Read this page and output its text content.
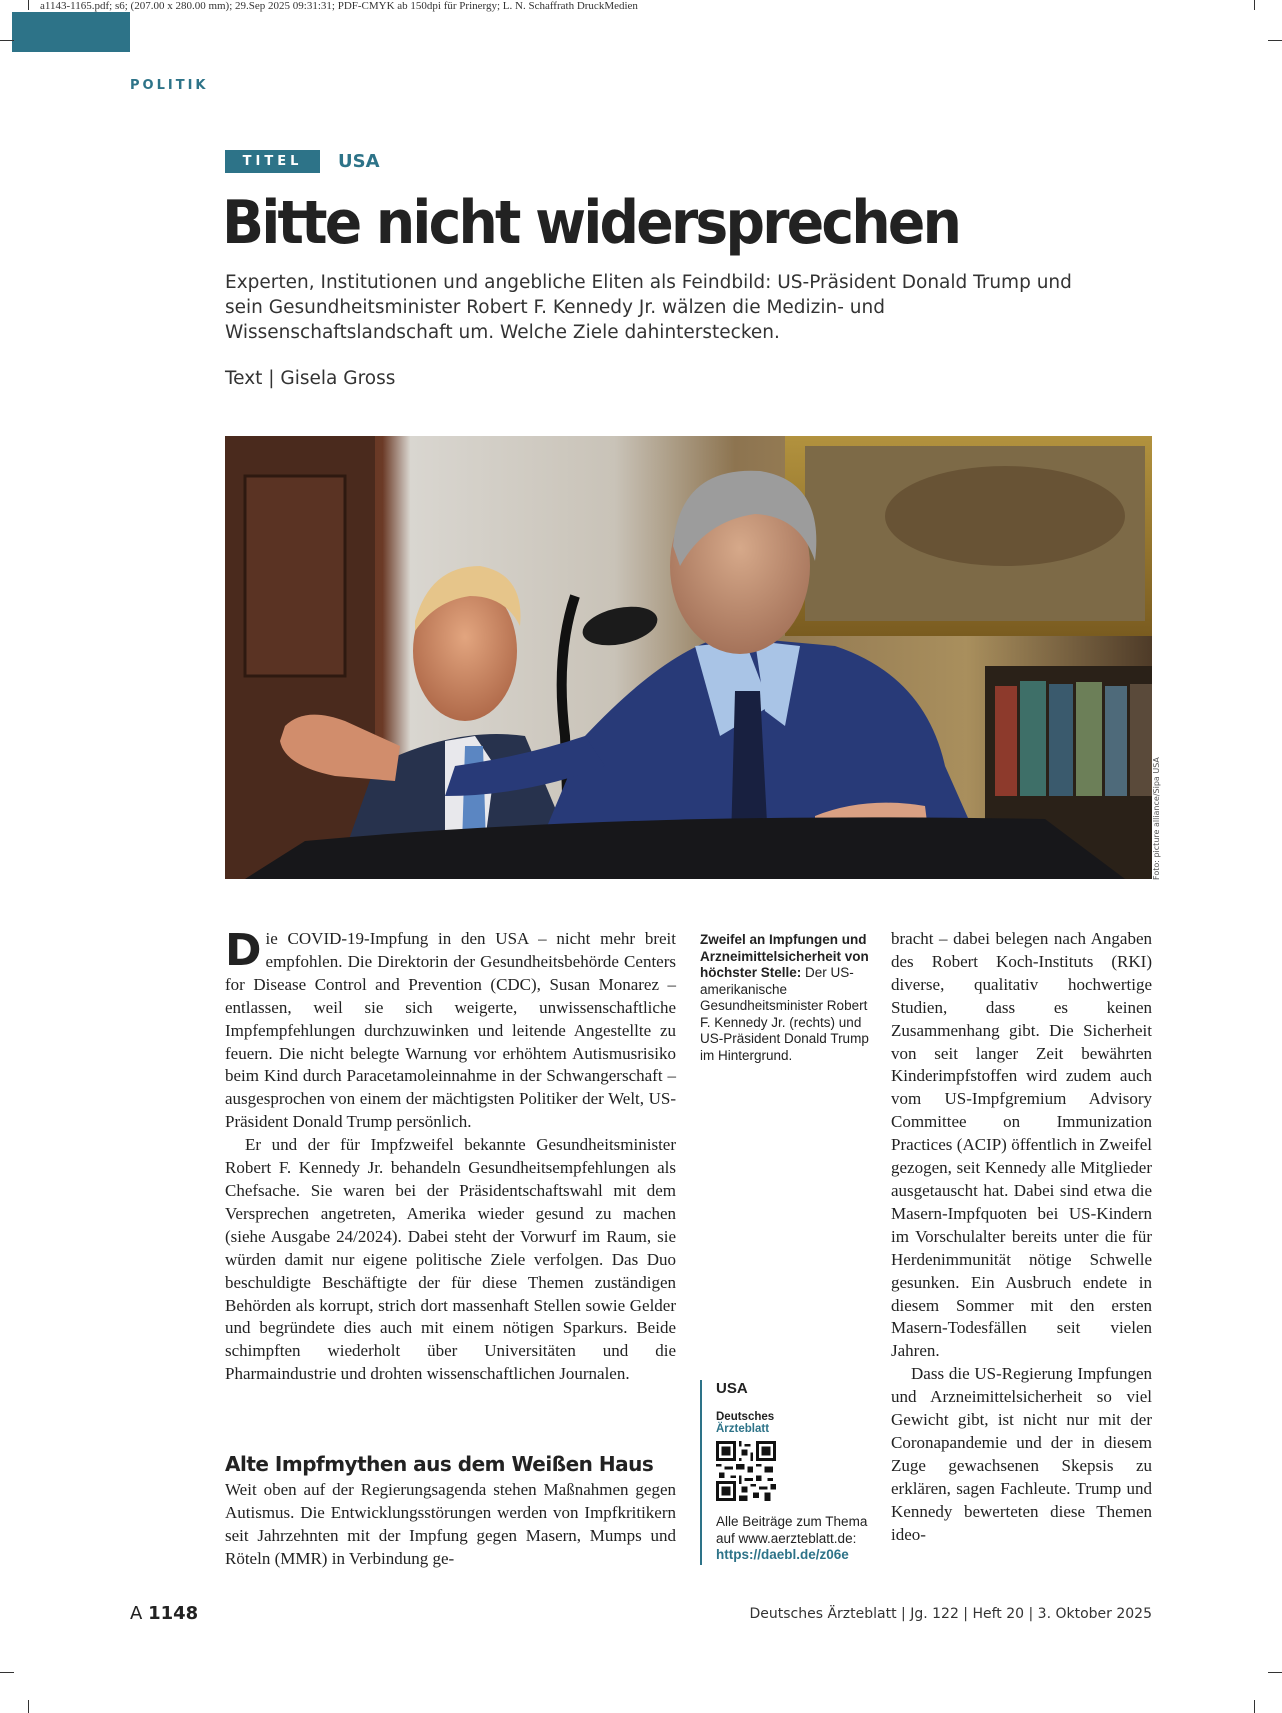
a1143-1165.pdf; s6; (207.00 x 280.00 mm); 29.Sep 2025 09:31:31; PDF-CMYK ab 150dpi für Prinergy; L. N. Schaffrath DruckMedien
POLITIK
TITEL	USA
Bitte nicht widersprechen

Experten, Institutionen und angebliche Eliten als Feindbild: US-Präsident Donald Trump und sein Gesundheitsminister Robert F. Kennedy Jr. wälzen die Medizin- und Wissenschaftslandschaft um. Welche Ziele dahinterstecken.

Text | Gisela Gross

Foto: picture alliance/Sipa USA

Die COVID-19-Impfung in den USA – nicht mehr breit empfohlen. Die Direktorin der Gesundheitsbehörde Centers for Disease Control and Prevention (CDC), Susan Monarez – entlassen, weil sie sich weigerte, unwissenschaftliche Impfempfehlungen durchzuwinken und leitende Angestellte zu feuern. Die nicht belegte Warnung vor erhöhtem Autismusrisiko beim Kind durch Paracetamoleinnahme in der Schwangerschaft – ausgesprochen von einem der mächtigsten Politiker der Welt, US-Präsident Donald Trump persönlich.

Er und der für Impfzweifel bekannte Gesundheitsminister Robert F. Kennedy Jr. behandeln Gesundheitsempfehlungen als Chefsache. Sie waren bei der Präsidentschaftswahl mit dem Versprechen angetreten, Amerika wieder gesund zu machen (siehe Ausgabe 24/2024). Dabei steht der Vorwurf im Raum, sie würden damit nur eigene politische Ziele verfolgen. Das Duo beschuldigte Beschäftigte der für diese Themen zuständigen Behörden als korrupt, strich dort massenhaft Stellen sowie Gelder und begründete dies auch mit einem nötigen Sparkurs. Beide schimpften wiederholt über Universitäten und die Pharmaindustrie und drohten wissenschaftlichen Journalen.

Alte Impfmythen aus dem Weißen Haus

Weit oben auf der Regierungsagenda stehen Maßnahmen gegen Autismus. Die Entwicklungsstörungen werden von Impfkritikern seit Jahrzehnten mit der Impfung gegen Masern, Mumps und Röteln (MMR) in Verbindung ge-

Zweifel an Impfungen und Arzneimittelsicherheit von höchster Stelle: Der US-amerikanische Gesundheitsminister Robert F. Kennedy Jr. (rechts) und US-Präsident Donald Trump im Hintergrund.
USA
Deutsches
Ärzteblatt
Alle Beiträge zum Thema auf www.aerzteblatt.de:
https://daebl.de/z06e

bracht – dabei belegen nach Angaben des Robert Koch-Instituts (RKI) diverse, qualitativ hochwertige Studien, dass es keinen Zusammenhang gibt. Die Sicherheit von seit langer Zeit bewährten Kinderimpfstoffen wird zudem auch vom US-Impfgremium Advisory Committee on Immunization Practices (ACIP) öffentlich in Zweifel gezogen, seit Kennedy alle Mitglieder ausgetauscht hat. Dabei sind etwa die Masern-Impfquoten bei US-Kindern im Vorschulalter bereits unter die für Herdenimmunität nötige Schwelle gesunken. Ein Ausbruch endete in diesem Sommer mit den ersten Masern-Todesfällen seit vielen Jahren.

Dass die US-Regierung Impfungen und Arzneimittelsicherheit so viel Gewicht gibt, ist nicht nur mit der Coronapandemie und der in diesem Zuge gewachsenen Skepsis zu erklären, sagen Fachleute. Trump und Kennedy bewerteten diese Themen ideo-

A 1148	Deutsches Ärzteblatt | Jg. 122 | Heft 20 | 3. Oktober 2025
